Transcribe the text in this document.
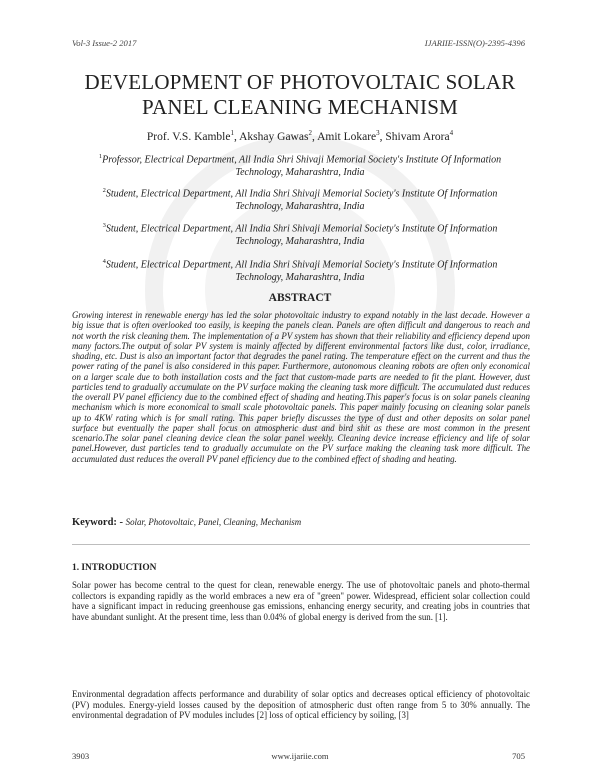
Vol-3 Issue-2 2017	IJARIIE-ISSN(O)-2395-4396
DEVELOPMENT OF PHOTOVOLTAIC SOLAR
PANEL CLEANING MECHANISM
Prof. V.S. Kamble$^1$, Akshay Gawas$^2$, Amit Lokare$^3$, Shivam Arora$^4$
$^1$Professor, Electrical Department, All India Shri Shivaji Memorial Society's Institute Of Information
Technology, Maharashtra, India
$^2$Student, Electrical Department, All India Shri Shivaji Memorial Society's Institute Of Information
Technology, Maharashtra, India
$^3$Student, Electrical Department, All India Shri Shivaji Memorial Society's Institute Of Information
Technology, Maharashtra, India
$^4$Student, Electrical Department, All India Shri Shivaji Memorial Society's Institute Of Information
Technology, Maharashtra, India
ABSTRACT
Growing interest in renewable energy has led the solar photovoltaic industry to expand notably in the last decade. However a big issue that is often overlooked too easily, is keeping the panels clean. Panels are often difficult and dangerous to reach and not worth the risk cleaning them. The implementation of a PV system has shown that their reliability and efficiency depend upon many factors.The output of solar PV system is mainly affected by different environmental factors like dust, color, irradiance, shading, etc. Dust is also an important factor that degrades the panel rating. The temperature effect on the current and thus the power rating of the panel is also considered in this paper. Furthermore, autonomous cleaning robots are often only economical on a larger scale due to both installation costs and the fact that custom-made parts are needed to fit the plant. However, dust particles tend to gradually accumulate on the PV surface making the cleaning task more difficult. The accumulated dust reduces the overall PV panel efficiency due to the combined effect of shading and heating.This paper's focus is on solar panels cleaning mechanism which is more economical to small scale photovoltaic panels. This paper mainly focusing on cleaning solar panels up to 4KW rating which is for small rating. This paper briefly discusses the type of dust and other deposits on solar panel surface but eventually the paper shall focus on atmospheric dust and bird shit as these are most common in the present scenario.The solar panel cleaning device clean the solar panel weekly. Cleaning device increase efficiency and life of solar panel.However, dust particles tend to gradually accumulate on the PV surface making the cleaning task more difficult. The accumulated dust reduces the overall PV panel efficiency due to the combined effect of shading and heating.
Keyword: - Solar, Photovoltaic, Panel, Cleaning, Mechanism
1. INTRODUCTION
Solar power has become central to the quest for clean, renewable energy. The use of photovoltaic panels and photo-thermal collectors is expanding rapidly as the world embraces a new era of "green" power. Widespread, efficient solar collection could have a significant impact in reducing greenhouse gas emissions, enhancing energy security, and creating jobs in countries that have abundant sunlight. At the present time, less than 0.04% of global energy is derived from the sun. [1].
Environmental degradation affects performance and durability of solar optics and decreases optical efficiency of photovoltaic (PV) modules. Energy-yield losses caused by the deposition of atmospheric dust often range from 5 to 30% annually. The environmental degradation of PV modules includes [2] loss of optical efficiency by soiling, [3]
3903	www.ijariie.com	705
